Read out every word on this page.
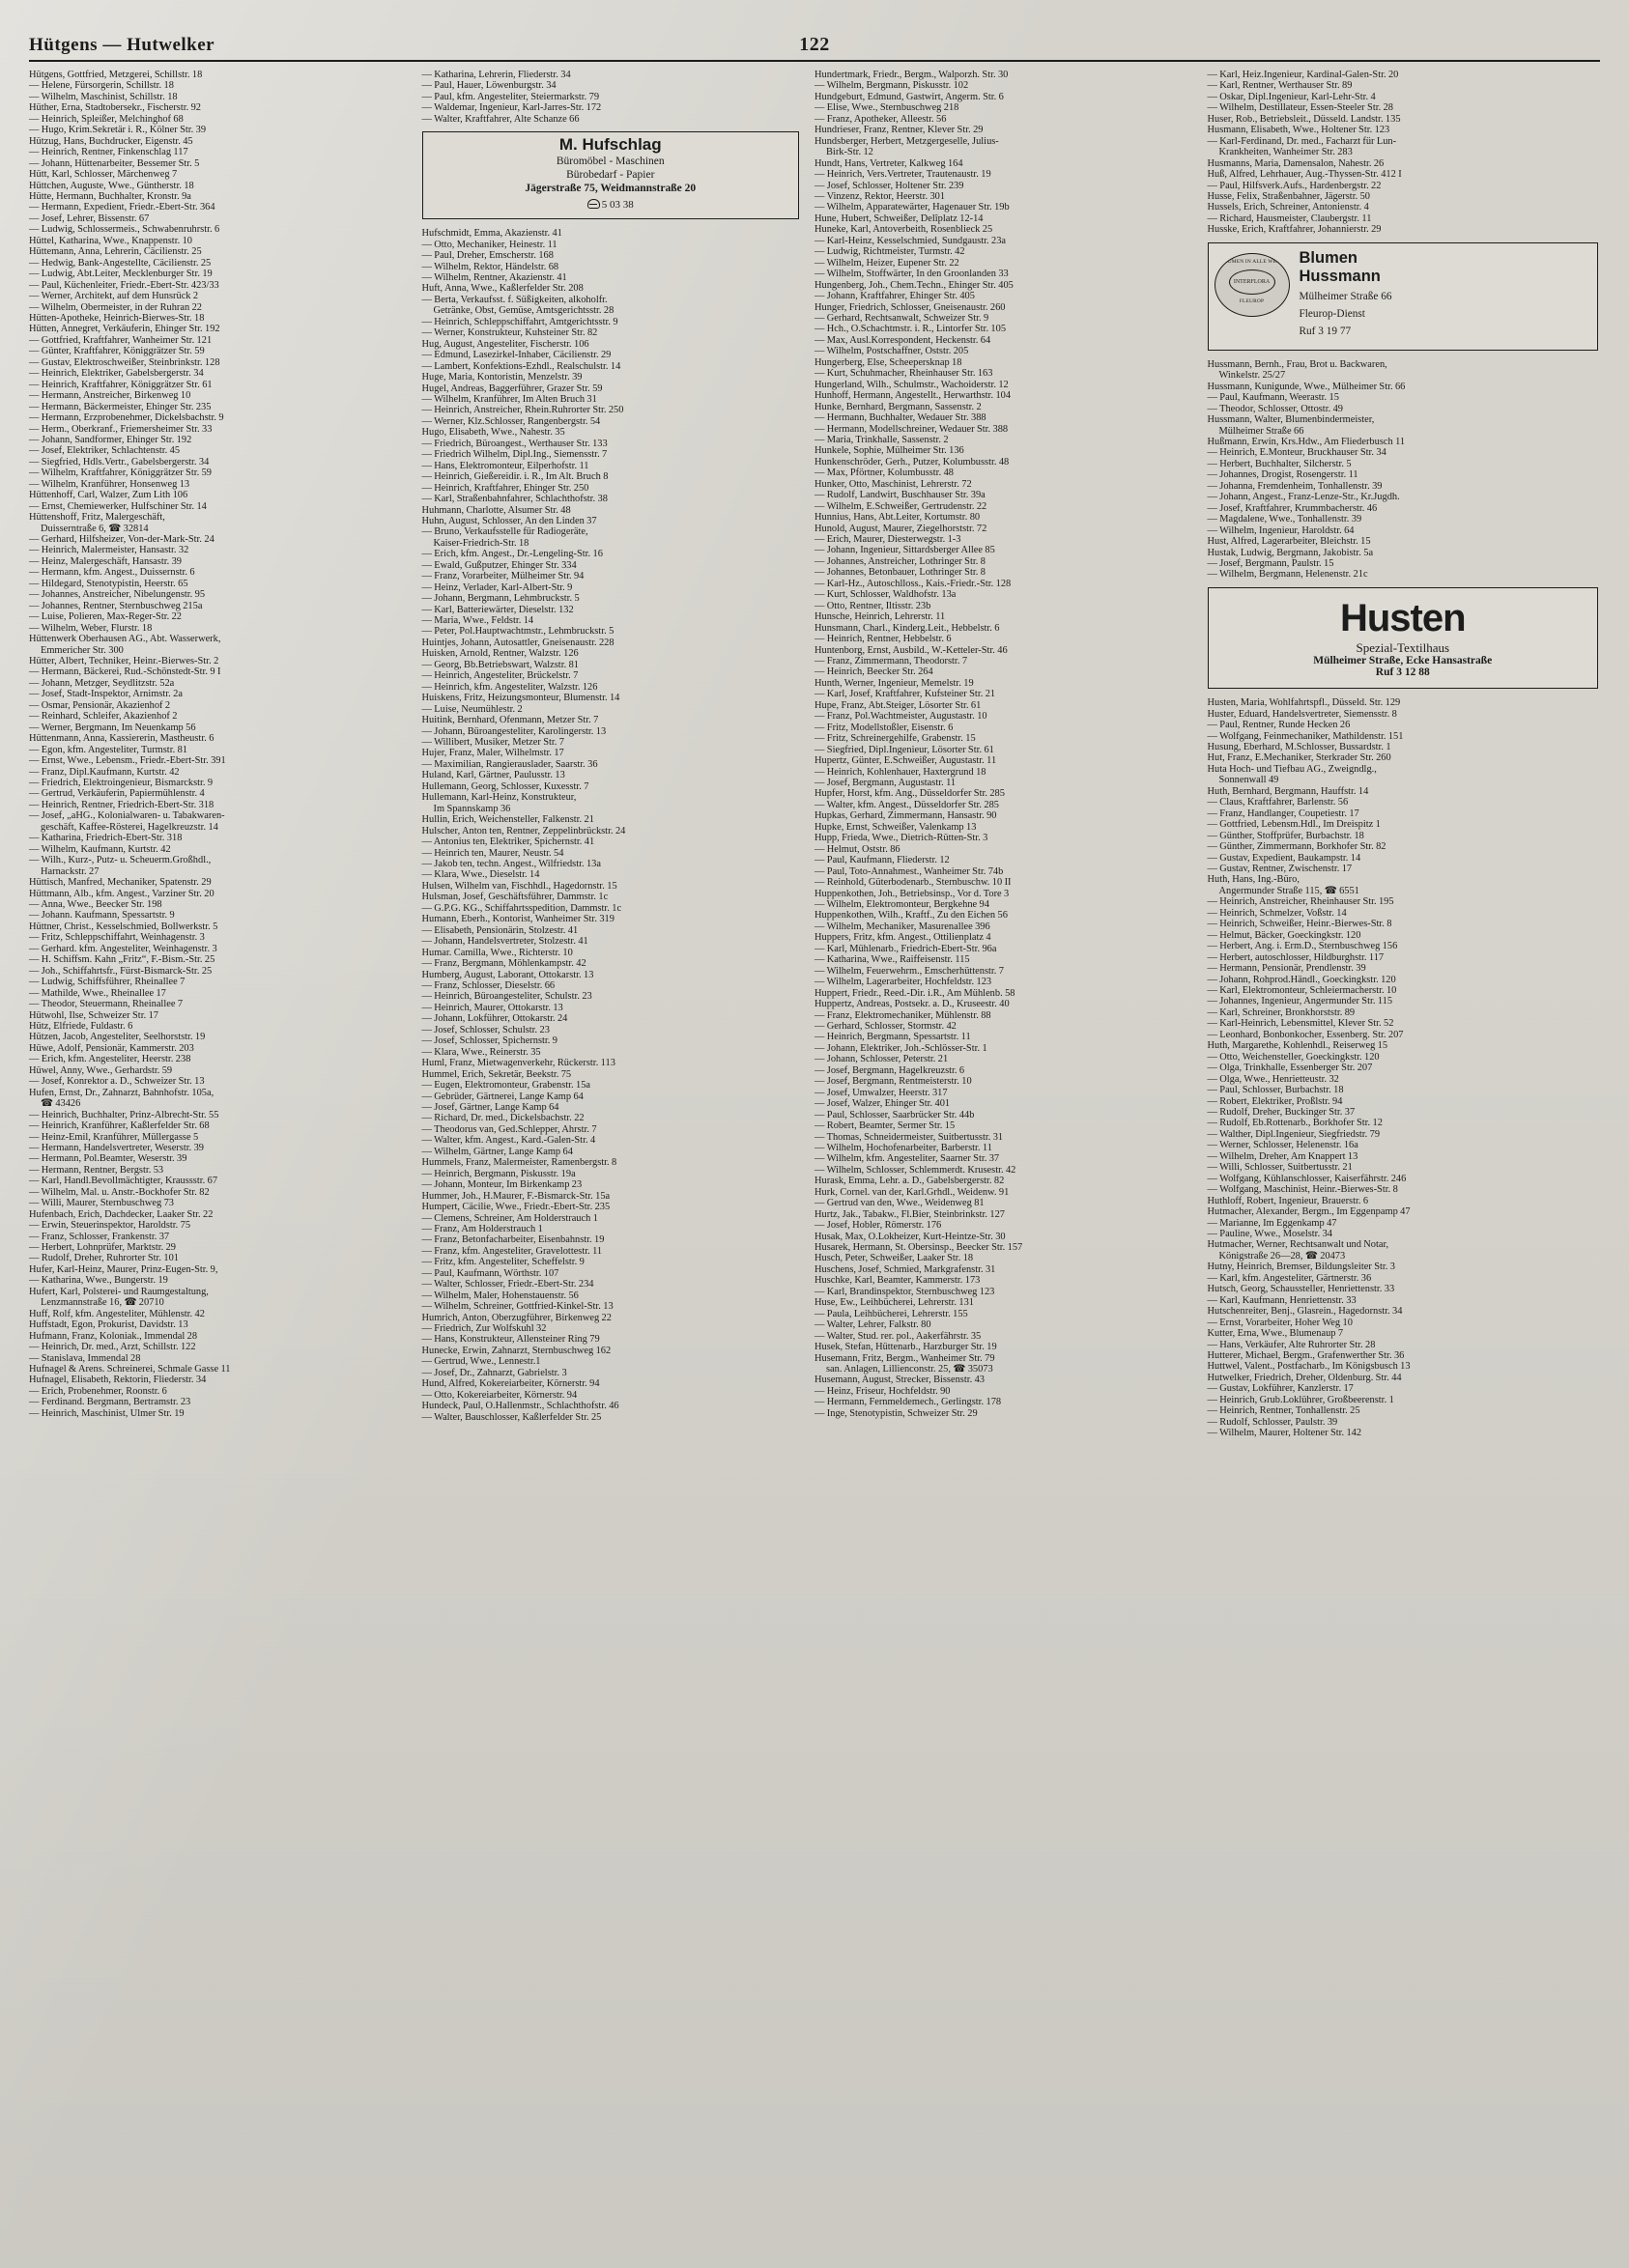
Hütgens — Hutwelker	122

Hütgens, Gottfried, Metzgerei, Schillstr. 18

— Helene, Fürsorgerin, Schillstr. 18

— Wilhelm, Maschinist, Schillstr. 18

Hüther, Erna, Stadtobersekr., Fischerstr. 92

— Heinrich, Spleißer, Melchinghof 68

— Hugo, Krim.Sekretär i. R., Kölner Str. 39

Hützug, Hans, Buchdrucker, Eigenstr. 45

— Heinrich, Rentner, Finkenschlag 117

— Johann, Hüttenarbeiter, Bessemer Str. 5

Hütt, Karl, Schlosser, Märchenweg 7

Hüttchen, Auguste, Wwe., Güntherstr. 18

Hütte, Hermann, Buchhalter, Kronstr. 9a

— Hermann, Expedient, Friedr.-Ebert-Str. 364

— Josef, Lehrer, Bissenstr. 67

— Ludwig, Schlossermeis., Schwabenruhrstr. 6

Hüttel, Katharina, Wwe., Knappenstr. 10

Hüttemann, Anna, Lehrerin, Cäcilienstr. 25

— Hedwig, Bank-Angestellte, Cäcilienstr. 25

— Ludwig, Abt.Leiter, Mecklenburger Str. 19

— Paul, Küchenleiter, Friedr.-Ebert-Str. 423/33

— Werner, Architekt, auf dem Hunsrück 2

— Wilhelm, Obermeister, in der Ruhran 22

Hütten-Apotheke, Heinrich-Bierwes-Str. 18

Hütten, Annegret, Verkäuferin, Ehinger Str. 192

— Gottfried, Kraftfahrer, Wanheimer Str. 121

— Günter, Kraftfahrer, Königgrätzer Str. 59

— Gustav, Elektroschweißer, Steinbrinkstr. 128

— Heinrich, Elektriker, Gabelsbergerstr. 34

— Heinrich, Kraftfahrer, Königgrätzer Str. 61

— Hermann, Anstreicher, Birkenweg 10

— Hermann, Bäckermeister, Ehinger Str. 235

— Hermann, Erzprobenehmer, Dickelsbachstr. 9

— Herm., Oberkranf., Friemersheimer Str. 33

— Johann, Sandformer, Ehinger Str. 192

— Josef, Elektriker, Schlachtenstr. 45

— Siegfried, Hdls.Vertr., Gabelsbergerstr. 34

— Wilhelm, Kraftfahrer, Königgrätzer Str. 59

— Wilhelm, Kranführer, Honsenweg 13

Hüttenhoff, Carl, Walzer, Zum Lith 106

— Ernst, Chemiewerker, Hulfschiner Str. 14

Hüttenshoff, Fritz, Malergeschäft,

Duisserntraße 6, ☎ 32814

— Gerhard, Hilfsheizer, Von-der-Mark-Str. 24

— Heinrich, Malermeister, Hansastr. 32

— Heinz, Malergeschäft, Hansastr. 39

— Hermann, kfm. Angest., Duissernstr. 6

— Hildegard, Stenotypistin, Heerstr. 65

— Johannes, Anstreicher, Nibelungenstr. 95

— Johannes, Rentner, Sternbuschweg 215a

— Luise, Polieren, Max-Reger-Str. 22

— Wilhelm, Weber, Flurstr. 18

Hüttenwerk Oberhausen AG., Abt. Wasserwerk,

Emmericher Str. 300

Hütter, Albert, Techniker, Heinr.-Bierwes-Str. 2

— Hermann, Bäckerei, Rud.-Schönstedt-Str. 9 I

— Johann, Metzger, Seydlitzstr. 52a

— Josef, Stadt-Inspektor, Arnimstr. 2a

— Osmar, Pensionär, Akazienhof 2

— Reinhard, Schleifer, Akazienhof 2

— Werner, Bergmann, Im Neuenkamp 56

Hüttenmann, Anna, Kassiererin, Mastheustr. 6

— Egon, kfm. Angesteliter, Turmstr. 81

— Ernst, Wwe., Lebensm., Friedr.-Ebert-Str. 391

— Franz, Dipl.Kaufmann, Kurtstr. 42

— Friedrich, Elektroingenieur, Bismarckstr. 9

— Gertrud, Verkäuferin, Papiermühlenstr. 4

— Heinrich, Rentner, Friedrich-Ebert-Str. 318

— Josef, „aHG., Kolonialwaren- u. Tabakwaren-

geschäft, Kaffee-Rösterei, Hagelkreuzstr. 14

— Katharina, Friedrich-Ebert-Str. 318

— Wilhelm, Kaufmann, Kurtstr. 42

— Wilh., Kurz-, Putz- u. Scheuerm.Großhdl.,

Harnackstr. 27

Hüttisch, Manfred, Mechaniker, Spatenstr. 29

Hüttmann, Alb., kfm. Angest., Varziner Str. 20

— Anna, Wwe., Beecker Str. 198

— Johann. Kaufmann, Spessartstr. 9

Hüttner, Christ., Kesselschmied, Bollwerkstr. 5

— Fritz, Schleppschiffahrt, Weinhagenstr. 3

— Gerhard. kfm. Angesteliter, Weinhagenstr. 3

— H. Schiffsm. Kahn „Fritz“, F.-Bism.-Str. 25

— Joh., Schiffahrtsfr., Fürst-Bismarck-Str. 25

— Ludwig, Schiffsführer, Rheinallee 7

— Mathilde, Wwe., Rheinallee 17

— Theodor, Steuermann, Rheinallee 7

Hütwohl, Ilse, Schweizer Str. 17

Hütz, Elfriede, Fuldastr. 6

Hützen, Jacob, Angesteliter, Seelhorststr. 19

Hüwe, Adolf, Pensionär, Kammerstr. 203

— Erich, kfm. Angesteliter, Heerstr. 238

Hüwel, Anny, Wwe., Gerhardstr. 59

— Josef, Konrektor a. D., Schweizer Str. 13

Hufen, Ernst, Dr., Zahnarzt, Bahnhofstr. 105a,

☎ 43426

— Heinrich, Buchhalter, Prinz-Albrecht-Str. 55

— Heinrich, Kranführer, Kaßlerfelder Str. 68

— Heinz-Emil, Kranführer, Müllergasse 5

— Hermann, Handelsvertreter, Weserstr. 39

— Hermann, Pol.Beamter, Weserstr. 39

— Hermann, Rentner, Bergstr. 53

— Karl, Handl.Bevollmächtigter, Kraussstr. 67

— Wilhelm, Mal. u. Anstr.-Bockhofer Str. 82

— Willi, Maurer, Sternbuschweg 73

Hufenbach, Erich, Dachdecker, Laaker Str. 22

— Erwin, Steuerinspektor, Haroldstr. 75

— Franz, Schlosser, Frankenstr. 37

— Herbert, Lohnprüfer, Marktstr. 29

— Rudolf, Dreher, Ruhrorter Str. 101

Hufer, Karl-Heinz, Maurer, Prinz-Eugen-Str. 9,

— Katharina, Wwe., Bungerstr. 19

Hufert, Karl, Polsterei- und Raumgestaltung,

Lenzmannstraße 16, ☎ 20710

Huff, Rolf, kfm. Angesteliter, Mühlenstr. 42

Huffstadt, Egon, Prokurist, Davidstr. 13

Hufmann, Franz, Koloniak., Immendal 28

— Heinrich, Dr. med., Arzt, Schillstr. 122

— Stanislava, Immendal 28

Hufnagel & Arens. Schreinerei, Schmale Gasse 11

Hufnagel, Elisabeth, Rektorin, Fliederstr. 34

— Erich, Probenehmer, Roonstr. 6

— Ferdinand. Bergmann, Bertramstr. 23

— Heinrich, Maschinist, Ulmer Str. 19

— Katharina, Lehrerin, Fliederstr. 34

— Paul, Hauer, Löwenburgstr. 34

— Paul, kfm. Angesteliter, Steiermarkstr. 79

— Waldemar, Ingenieur, Karl-Jarres-Str. 172

— Walter, Kraftfahrer, Alte Schanze 66

M. Hufschlag
Büromöbel - Maschinen
Bürobedarf - Papier
Jägerstraße 75, Weidmannstraße 20
5 03 38

Hufschmidt, Emma, Akazienstr. 41

— Otto, Mechaniker, Heinestr. 11

— Paul, Dreher, Emscherstr. 168

— Wilhelm, Rektor, Händelstr. 68

— Wilhelm, Rentner, Akazienstr. 41

Huft, Anna, Wwe., Kaßlerfelder Str. 208

— Berta, Verkaufsst. f. Süßigkeiten, alkoholfr.

Getränke, Obst, Gemüse, Amtsgerichtsstr. 28

— Heinrich, Schleppschiffahrt, Amtgerichtsstr. 9

— Werner, Konstrukteur, Kuhsteiner Str. 82

Hug, August, Angesteliter, Fischerstr. 106

— Edmund, Lasezirkel-Inhaber, Cäcilienstr. 29

— Lambert, Konfektions-Ezhdl., Realschulstr. 14

Huge, Maria, Kontoristin, Menzelstr. 39

Hugel, Andreas, Baggerführer, Grazer Str. 59

— Wilhelm, Kranführer, Im Alten Bruch 31

— Heinrich, Anstreicher, Rhein.Ruhrorter Str. 250

— Werner, Klz.Schlosser, Rangenbergstr. 54

Hugo, Elisabeth, Wwe., Nahestr. 35

— Friedrich, Büroangest., Werthauser Str. 133

— Friedrich Wilhelm, Dipl.Ing., Siemensstr. 7

— Hans, Elektromonteur, Eilperhofstr. 11

— Heinrich, Gießereidir. i. R., Im Alt. Bruch 8

— Heinrich, Kraftfahrer, Ehinger Str. 250

— Karl, Straßenbahnfahrer, Schlachthofstr. 38

Huhmann, Charlotte, Alsumer Str. 48

Huhn, August, Schlosser, An den Linden 37

— Bruno, Verkaufsstelle für Radiogeräte,

Kaiser-Friedrich-Str. 18

— Erich, kfm. Angest., Dr.-Lengeling-Str. 16

— Ewald, Gußputzer, Ehinger Str. 334

— Franz, Vorarbeiter, Mülheimer Str. 94

— Heinz, Verlader, Karl-Albert-Str. 9

— Johann, Bergmann, Lehmbruckstr. 5

— Karl, Batteriewärter, Dieselstr. 132

— Maria, Wwe., Feldstr. 14

— Peter, Pol.Hauptwachtmstr., Lehmbruckstr. 5

Huintjes, Johann, Autosattler, Gneisenaustr. 228

Huisken, Arnold, Rentner, Walzstr. 126

— Georg, Bb.Betriebswart, Walzstr. 81

— Heinrich, Angesteliter, Brückelstr. 7

— Heinrich, kfm. Angesteliter, Walzstr. 126

Huiskens, Fritz, Heizungsmonteur, Blumenstr. 14

— Luise, Neumühlestr. 2

Huitink, Bernhard, Ofenmann, Metzer Str. 7

— Johann, Büroangesteliter, Karolingerstr. 13

— Willibert, Musiker, Metzer Str. 7

Hujer, Franz, Maler, Wilhelmstr. 17

— Maximilian, Rangierauslader, Saarstr. 36

Huland, Karl, Gärtner, Paulusstr. 13

Hullemann, Georg, Schlosser, Kuxesstr. 7

Hullemann, Karl-Heinz, Konstrukteur,

Im Spannskamp 36

Hullin, Erich, Weichensteller, Falkenstr. 21

Hulscher, Anton ten, Rentner, Zeppelinbrückstr. 24

— Antonius ten, Elektriker, Spichernstr. 41

— Heinrich ten, Maurer, Neustr. 54

— Jakob ten, techn. Angest., Wilfriedstr. 13a

— Klara, Wwe., Dieselstr. 14

Hulsen, Wilhelm van, Fischhdl., Hagedornstr. 15

Hulsman, Josef, Geschäftsführer, Dammstr. 1c

— G.P.G. KG., Schiffahrtsspedition, Dammstr. 1c

Humann, Eberh., Kontorist, Wanheimer Str. 319

— Elisabeth, Pensionärin, Stolzestr. 41

— Johann, Handelsvertreter, Stolzestr. 41

Humar. Camilla, Wwe., Richterstr. 10

— Franz, Bergmann, Möhlenkampstr. 42

Humberg, August, Laborant, Ottokarstr. 13

— Franz, Schlosser, Dieselstr. 66

— Heinrich, Büroangesteliter, Schulstr. 23

— Heinrich, Maurer, Ottokarstr. 13

— Johann, Lokführer, Ottokarstr. 24

— Josef, Schlosser, Schulstr. 23

— Josef, Schlosser, Spichernstr. 9

— Klara, Wwe., Reinerstr. 35

Huml, Franz, Mietwagenverkehr, Rückerstr. 113

Hummel, Erich, Sekretär, Beekstr. 75

— Eugen, Elektromonteur, Grabenstr. 15a

— Gebrüder, Gärtnerei, Lange Kamp 64

— Josef, Gärtner, Lange Kamp 64

— Richard, Dr. med., Dickelsbachstr. 22

— Theodorus van, Ged.Schlepper, Ahrstr. 7

— Walter, kfm. Angest., Kard.-Galen-Str. 4

— Wilhelm, Gärtner, Lange Kamp 64

Hummels, Franz, Malermeister, Ramenbergstr. 8

— Heinrich, Bergmann, Piskusstr. 19a

— Johann, Monteur, Im Birkenkamp 23

Hummer, Joh., H.Maurer, F.-Bismarck-Str. 15a

Humpert, Cäcilie, Wwe., Friedr.-Ebert-Str. 235

— Clemens, Schreiner, Am Holderstrauch 1

— Franz, Am Holderstrauch 1

— Franz, Betonfacharbeiter, Eisenbahnstr. 19

— Franz, kfm. Angesteliter, Gravelottestr. 11

— Fritz, kfm. Angesteliter, Scheffelstr. 9

— Paul, Kaufmann, Wörthstr. 107

— Walter, Schlosser, Friedr.-Ebert-Str. 234

— Wilhelm, Maler, Hohenstauenstr. 56

— Wilhelm, Schreiner, Gottfried-Kinkel-Str. 13

Humrich, Anton, Oberzugführer, Birkenweg 22

— Friedrich, Zur Wolfskuhl 32

— Hans, Konstrukteur, Allensteiner Ring 79

Hunecke, Erwin, Zahnarzt, Sternbuschweg 162

— Gertrud, Wwe., Lennestr.1

— Josef, Dr., Zahnarzt, Gabrielstr. 3

Hund, Alfred, Kokereiarbeiter, Körnerstr. 94

— Otto, Kokereiarbeiter, Körnerstr. 94

Hundeck, Paul, O.Hallenmstr., Schlachthofstr. 46

— Walter, Bauschlosser, Kaßlerfelder Str. 25

Hundertmark, Friedr., Bergm., Walporzh. Str. 30

— Wilhelm, Bergmann, Piskusstr. 102

Hundgeburt, Edmund, Gastwirt, Angerm. Str. 6

— Elise, Wwe., Sternbuschweg 218

— Franz, Apotheker, Alleestr. 56

Hundrieser, Franz, Rentner, Klever Str. 29

Hundsberger, Herbert, Metzgergeselle, Julius-

Birk-Str. 12

Hundt, Hans, Vertreter, Kalkweg 164

— Heinrich, Vers.Vertreter, Trautenaustr. 19

— Josef, Schlosser, Holtener Str. 239

— Vinzenz, Rektor, Heerstr. 301

— Wilhelm, Apparatewärter, Hagenauer Str. 19b

Hune, Hubert, Schweißer, Delîplatz 12-14

Huneke, Karl, Antoverbeith, Rosenblieck 25

— Karl-Heinz, Kesselschmied, Sundgaustr. 23a

— Ludwig, Richtmeister, Turmstr. 42

— Wilhelm, Heizer, Eupener Str. 22

— Wilhelm, Stoffwärter, In den Groonlanden 33

Hungenberg, Joh., Chem.Techn., Ehinger Str. 405

— Johann, Kraftfahrer, Ehinger Str. 405

Hunger, Friedrich, Schlosser, Gneisenaustr. 260

— Gerhard, Rechtsanwalt, Schweizer Str. 9

— Hch., O.Schachtmstr. i. R., Lintorfer Str. 105

— Max, Ausl.Korrespondent, Heckenstr. 64

— Wilhelm, Postschaffner, Oststr. 205

Hungerberg, Else, Scheepersknap 18

— Kurt, Schuhmacher, Rheinhauser Str. 163

Hungerland, Wilh., Schulmstr., Wachoiderstr. 12

Hunhoff, Hermann, Angestellt., Herwarthstr. 104

Hunke, Bernhard, Bergmann, Sassenstr. 2

— Hermann, Buchhalter, Wedauer Str. 388

— Hermann, Modellschreiner, Wedauer Str. 388

— Maria, Trinkhalle, Sassenstr. 2

Hunkele, Sophie, Mülheimer Str. 136

Hunkenschröder, Gerh., Putzer, Kolumbusstr. 48

— Max, Pförtner, Kolumbusstr. 48

Hunker, Otto, Maschinist, Lehrerstr. 72

— Rudolf, Landwirt, Buschhauser Str. 39a

— Wilhelm, E.Schweißer, Gertrudenstr. 22

Hunnius, Hans, Abt.Leiter, Kortumstr. 80

Hunold, August, Maurer, Ziegelhorststr. 72

— Erich, Maurer, Diesterwegstr. 1-3

— Johann, Ingenieur, Sittardsberger Allee 85

— Johannes, Anstreicher, Lothringer Str. 8

— Johannes, Betonbauer, Lothringer Str. 8

— Karl-Hz., Autoschlloss., Kais.-Friedr.-Str. 128

— Kurt, Schlosser, Waldhofstr. 13a

— Otto, Rentner, Iltisstr. 23b

Hunsche, Heinrich, Lehrerstr. 11

Hunsmann, Charl., Kinderg.Leit., Hebbelstr. 6

— Heinrich, Rentner, Hebbelstr. 6

Huntenborg, Ernst, Ausbild., W.-Ketteler-Str. 46

— Franz, Zimmermann, Theodorstr. 7

— Heinrich, Beecker Str. 264

Hunth, Werner, Ingenieur, Memelstr. 19

— Karl, Josef, Kraftfahrer, Kufsteiner Str. 21

Hupe, Franz, Abt.Steiger, Lösorter Str. 61

— Franz, Pol.Wachtmeister, Augustastr. 10

— Fritz, Modellstoßler, Eisenstr. 6

— Fritz, Schreinergehilfe, Grabenstr. 15

— Siegfried, Dipl.Ingenieur, Lösorter Str. 61

Hupertz, Günter, E.Schweißer, Augustastr. 11

— Heinrich, Kohlenhauer, Haxtergrund 18

— Josef, Bergmann, Augustastr. 11

Hupfer, Horst, kfm. Ang., Düsseldorfer Str. 285

— Walter, kfm. Angest., Düsseldorfer Str. 285

Hupkas, Gerhard, Zimmermann, Hansastr. 90

Hupke, Ernst, Schweißer, Valenkamp 13

Hupp, Frieda, Wwe., Dietrich-Rütten-Str. 3

— Helmut, Oststr. 86

— Paul, Kaufmann, Fliederstr. 12

— Paul, Toto-Annahmest., Wanheimer Str. 74b

— Reinhold, Güterbodenarb., Sternbuschw. 10 II

Huppenkothen, Joh., Betriebsinsp., Vor d. Tore 3

— Wilhelm, Elektromonteur, Bergkehne 94

Huppenkothen, Wilh., Kraftf., Zu den Eichen 56

— Wilhelm, Mechaniker, Masurenallee 396

Huppers, Fritz, kfm. Angest., Ottilienplatz 4

— Karl, Mühlenarb., Friedrich-Ebert-Str. 96a

— Katharina, Wwe., Raiffeisenstr. 115

— Wilhelm, Feuerwehrm., Emscherhüttenstr. 7

— Wilhelm, Lagerarbeiter, Hochfeldstr. 123

Huppert, Friedr., Reed.-Dir. i.R., Am Mühlenb. 58

Huppertz, Andreas, Postsekr. a. D., Kruseestr. 40

— Franz, Elektromechaniker, Mühlenstr. 88

— Gerhard, Schlosser, Stormstr. 42

— Heinrich, Bergmann, Spessartstr. 11

— Johann, Elektriker, Joh.-Schlösser-Str. 1

— Johann, Schlosser, Peterstr. 21

— Josef, Bergmann, Hagelkreuzstr. 6

— Josef, Bergmann, Rentmeisterstr. 10

— Josef, Umwalzer, Heerstr. 317

— Josef, Walzer, Ehinger Str. 401

— Paul, Schlosser, Saarbrücker Str. 44b

— Robert, Beamter, Sermer Str. 15

— Thomas, Schneidermeister, Suitbertusstr. 31

— Wilhelm, Hochofenarbeiter, Barberstr. 11

— Wilhelm, kfm. Angesteliter, Saarner Str. 37

— Wilhelm, Schlosser, Schlemmerdt. Krusestr. 42

Hurask, Emma, Lehr. a. D., Gabelsbergerstr. 82

Hurk, Cornel. van der, Karl.Grhdl., Weidenw. 91

— Gertrud van den, Wwe., Weidenweg 81

Hurtz, Jak., Tabakw., Fl.Bier, Steinbrinkstr. 127

— Josef, Hobler, Römerstr. 176

Husak, Max, O.Lokheizer, Kurt-Heintze-Str. 30

Husarek, Hermann, St. Obersinsp., Beecker Str. 157

Husch, Peter, Schweißer, Laaker Str. 18

Huschens, Josef, Schmied, Markgrafenstr. 31

Huschke, Karl, Beamter, Kammerstr. 173

— Karl, Brandinspektor, Sternbuschweg 123

Huse, Ew., Leihbücherei, Lehrerstr. 131

— Paula, Leihbücherei, Lehrerstr. 155

— Walter, Lehrer, Falkstr. 80

— Walter, Stud. rer. pol., Aakerfährstr. 35

Husek, Stefan, Hüttenarb., Harzburger Str. 19

Husemann, Fritz, Bergm., Wanheimer Str. 79

san. Anlagen, Lillienconstr. 25, ☎ 35073

Husemann, August, Strecker, Bissenstr. 43

— Heinz, Friseur, Hochfeldstr. 90

— Hermann, Fernmeldemech., Gerlingstr. 178

— Inge, Stenotypistin, Schweizer Str. 29

— Karl, Heiz.Ingenieur, Kardinal-Galen-Str. 20

— Karl, Rentner, Werthauser Str. 89

— Oskar, Dipl.Ingenieur, Karl-Lehr-Str. 4

— Wilhelm, Destillateur, Essen-Steeler Str. 28

Huser, Rob., Betriebsleit., Düsseld. Landstr. 135

Husmann, Elisabeth, Wwe., Holtener Str. 123

— Karl-Ferdinand, Dr. med., Facharzt für Lun-

Krankheiten, Wanheimer Str. 283

Husmanns, Maria, Damensalon, Nahestr. 26

Huß, Alfred, Lehrhauer, Aug.-Thyssen-Str. 412 I

— Paul, Hilfsverk.Aufs., Hardenbergstr. 22

Husse, Felix, Straßenbahner, Jägerstr. 50

Hussels, Erich, Schreiner, Antonienstr. 4

— Richard, Hausmeister, Claubergstr. 11

Husske, Erich, Kraftfahrer, Johannierstr. 29

BLUMEN IN ALLE WELT
INTERFLORA
FLEUROP
Blumen
Hussmann
Mülheimer Straße 66
Fleurop-Dienst
Ruf 3 19 77

Hussmann, Bernh., Frau, Brot u. Backwaren,

Winkelstr. 25/27

Hussmann, Kunigunde, Wwe., Mülheimer Str. 66

— Paul, Kaufmann, Weerastr. 15

— Theodor, Schlosser, Ottostr. 49

Hussmann, Walter, Blumenbindermeister,

Mülheimer Straße 66

Hußmann, Erwin, Krs.Hdw., Am Fliederbusch 11

— Heinrich, E.Monteur, Bruckhauser Str. 34

— Herbert, Buchhalter, Silcherstr. 5

— Johannes, Drogist, Rosengerstr. 11

— Johanna, Fremdenheim, Tonhallenstr. 39

— Johann, Angest., Franz-Lenze-Str., Kr.Jugdh.

— Josef, Kraftfahrer, Krummbacherstr. 46

— Magdalene, Wwe., Tonhallenstr. 39

— Wilhelm, Ingenieur, Haroldstr. 64

Hust, Alfred, Lagerarbeiter, Bleichstr. 15

Hustak, Ludwig, Bergmann, Jakobistr. 5a

— Josef, Bergmann, Paulstr. 15

— Wilhelm, Bergmann, Helenenstr. 21c

Husten
Spezial-Textilhaus
Mülheimer Straße, Ecke Hansastraße
Ruf 3 12 88

Husten, Maria, Wohlfahrtspfl., Düsseld. Str. 129

Huster, Eduard, Handelsvertreter, Siemensstr. 8

— Paul, Rentner, Runde Hecken 26

— Wolfgang, Feinmechaniker, Mathildenstr. 151

Husung, Eberhard, M.Schlosser, Bussardstr. 1

Hut, Franz, E.Mechaniker, Sterkrader Str. 260

Huta Hoch- und Tiefbau AG., Zweigndlg.,

Sonnenwall 49

Huth, Bernhard, Bergmann, Hauffstr. 14

— Claus, Kraftfahrer, Barlenstr. 56

— Franz, Handlanger, Coupetiestr. 17

— Gottfried, Lebensm.Hdl., Im Dreispitz 1

— Günther, Stoffprüfer, Burbachstr. 18

— Günther, Zimmermann, Borkhofer Str. 82

— Gustav, Expedient, Baukampstr. 14

— Gustav, Rentner, Zwischenstr. 17

Huth, Hans, Ing.-Büro,

Angermunder Straße 115, ☎ 6551

— Heinrich, Anstreicher, Rheinhauser Str. 195

— Heinrich, Schmelzer, Voßstr. 14

— Heinrich, Schweißer, Heinr.-Bierwes-Str. 8

— Helmut, Bäcker, Goeckingkstr. 120

— Herbert, Ang. i. Erm.D., Sternbuschweg 156

— Herbert, autoschlosser, Hildburghstr. 117

— Hermann, Pensionär, Prendlenstr. 39

— Johann, Rohprod.Händl., Goeckingkstr. 120

— Karl, Elektromonteur, Schleiermacherstr. 10

— Johannes, Ingenieur, Angermunder Str. 115

— Karl, Schreiner, Bronkhorststr. 89

— Karl-Heinrich, Lebensmittel, Klever Str. 52

— Leonhard, Bonbonkocher, Essenberg. Str. 207

Huth, Margarethe, Kohlenhdl., Reiserweg 15

— Otto, Weichensteller, Goeckingkstr. 120

— Olga, Trinkhalle, Essenberger Str. 207

— Olga, Wwe., Henrietteustr. 32

— Paul, Schlosser, Burbachstr. 18

— Robert, Elektriker, Proßlstr. 94

— Rudolf, Dreher, Buckinger Str. 37

— Rudolf, Eb.Rottenarb., Borkhofer Str. 12

— Walther, Dipl.Ingenieur, Siegfriedstr. 79

— Werner, Schlosser, Helenenstr. 16a

— Wilhelm, Dreher, Am Knappert 13

— Willi, Schlosser, Suitbertusstr. 21

— Wolfgang, Kühlanschlosser, Kaiserfährstr. 246

— Wolfgang, Maschinist, Heinr.-Bierwes-Str. 8

Huthloff, Robert, Ingenieur, Brauerstr. 6

Hutmacher, Alexander, Bergm., Im Eggenpamp 47

— Marianne, Im Eggenkamp 47

— Pauline, Wwe., Moselstr. 34

Hutmacher, Werner, Rechtsanwalt und Notar,

Königstraße 26—28, ☎ 20473

Hutny, Heinrich, Bremser, Bildungsleiter Str. 3

— Karl, kfm. Angesteliter, Gärtnerstr. 36

Hutsch, Georg, Schaussteller, Henriettenstr. 33

— Karl, Kaufmann, Henriettenstr. 33

Hutschenreiter, Benj., Glasrein., Hagedornstr. 34

— Ernst, Vorarbeiter, Hoher Weg 10

Kutter, Erna, Wwe., Blumenaup 7

— Hans, Verkäufer, Alte Ruhrorter Str. 28

Hutterer, Michael, Bergm., Grafenwerther Str. 36

Huttwel, Valent., Postfacharb., Im Königsbusch 13

Hutwelker, Friedrich, Dreher, Oldenburg. Str. 44

— Gustav, Lokführer, Kanzlerstr. 17

— Heinrich, Grub.Loklührer, Großbeerenstr. 1

— Heinrich, Rentner, Tonhallenstr. 25

— Rudolf, Schlosser, Paulstr. 39

— Wilhelm, Maurer, Holtener Str. 142
